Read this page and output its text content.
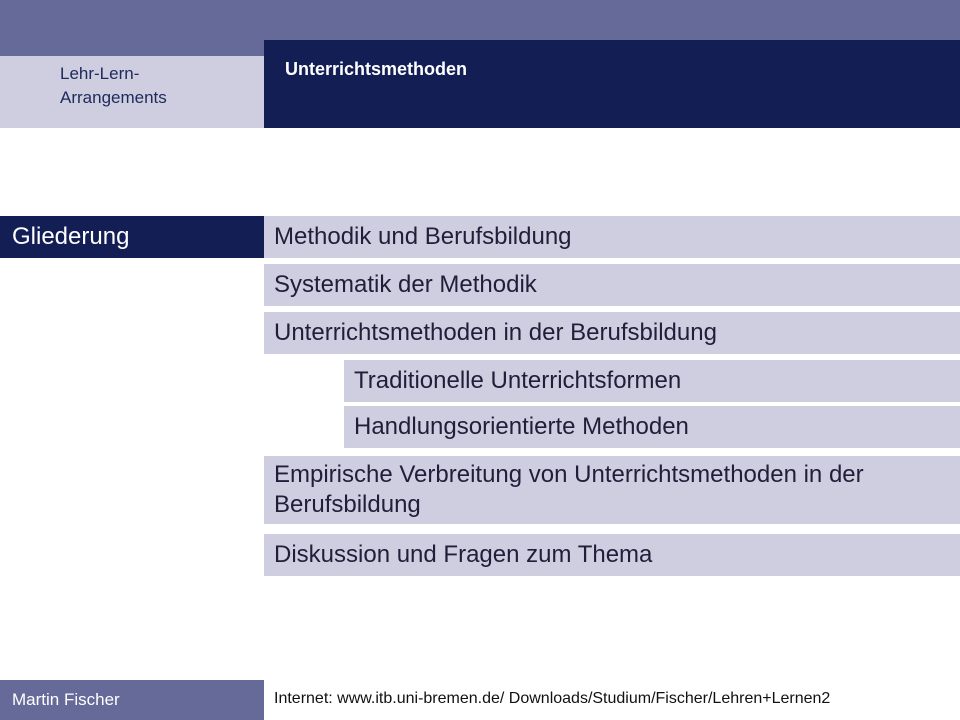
Lehr-Lern-
Arrangements
Unterrichtsmethoden
Gliederung	Methodik und Berufsbildung
Systematik der Methodik
Unterrichtsmethoden in der Berufsbildung
Traditionelle Unterrichtsformen
Handlungsorientierte Methoden
Empirische Verbreitung von Unterrichtsmethoden in der Berufsbildung
Diskussion und Fragen zum Thema
Martin Fischer	Internet: www.itb.uni-bremen.de/ Downloads/Studium/Fischer/Lehren+Lernen2
